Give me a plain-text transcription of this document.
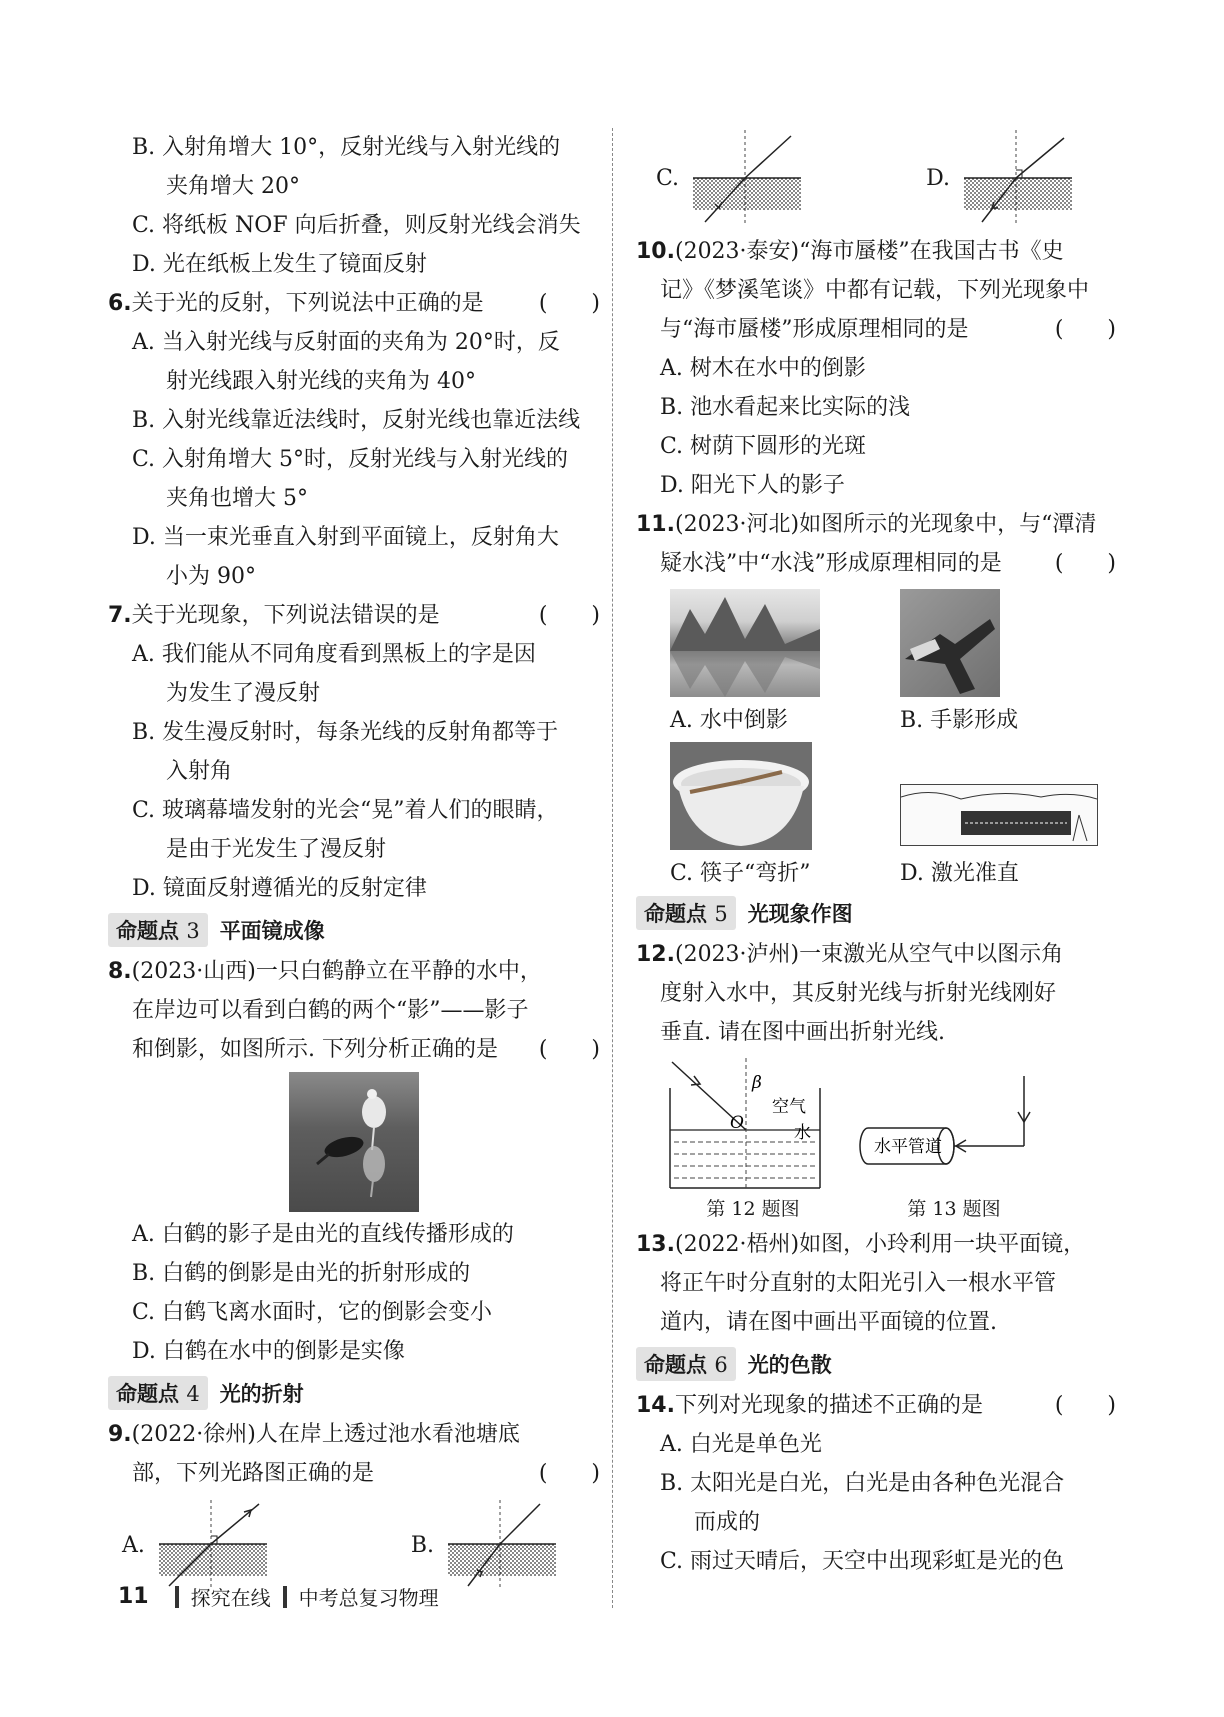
B. 入射角增大 10°，反射光线与入射光线的
夹角增大 20°
C. 将纸板 NOF 向后折叠，则反射光线会消失
D. 光在纸板上发生了镜面反射
6.关于光的反射，下列说法中正确的是	(　　)
A. 当入射光线与反射面的夹角为 20°时，反
射光线跟入射光线的夹角为 40°
B. 入射光线靠近法线时，反射光线也靠近法线
C. 入射角增大 5°时，反射光线与入射光线的
夹角也增大 5°
D. 当一束光垂直入射到平面镜上，反射角大
小为 90°
7.关于光现象，下列说法错误的是	(　　)
A. 我们能从不同角度看到黑板上的字是因
为发生了漫反射
B. 发生漫反射时，每条光线的反射角都等于
入射角
C. 玻璃幕墙发射的光会“晃”着人们的眼睛，
是由于光发生了漫反射
D. 镜面反射遵循光的反射定律
命题点 3 平面镜成像
8.(2023·山西)一只白鹤静立在平静的水中，
在岸边可以看到白鹤的两个“影”——影子
和倒影，如图所示. 下列分析正确的是 (　　)
A. 白鹤的影子是由光的直线传播形成的
B. 白鹤的倒影是由光的折射形成的
C. 白鹤飞离水面时，它的倒影会变小
D. 白鹤在水中的倒影是实像
命题点 4 光的折射
9.(2022·徐州)人在岸上透过池水看池塘底
部，下列光路图正确的是	(　　)
A.	B.
C.	D.
10.(2023·泰安)“海市蜃楼”在我国古书《史
记》《梦溪笔谈》中都有记载，下列光现象中
与“海市蜃楼”形成原理相同的是	(　　)
A. 树木在水中的倒影
B. 池水看起来比实际的浅
C. 树荫下圆形的光斑
D. 阳光下人的影子
11.(2023·河北)如图所示的光现象中，与“潭清
疑水浅”中“水浅”形成原理相同的是 (　　)
A. 水中倒影	B. 手影形成
C. 筷子“弯折”	D. 激光准直
命题点 5 光现象作图
12.(2023·泸州)一束激光从空气中以图示角
度射入水中，其反射光线与折射光线刚好
垂直. 请在图中画出折射光线.
β
空气
水
O
第 12 题图
水平管道
第 13 题图
13.(2022·梧州)如图，小玲利用一块平面镜，
将正午时分直射的太阳光引入一根水平管
道内，请在图中画出平面镜的位置.
命题点 6 光的色散
14.下列对光现象的描述不正确的是	(　　)
A. 白光是单色光
B. 太阳光是白光，白光是由各种色光混合
而成的
C. 雨过天晴后，天空中出现彩虹是光的色
11 探究在线 中考总复习物理
